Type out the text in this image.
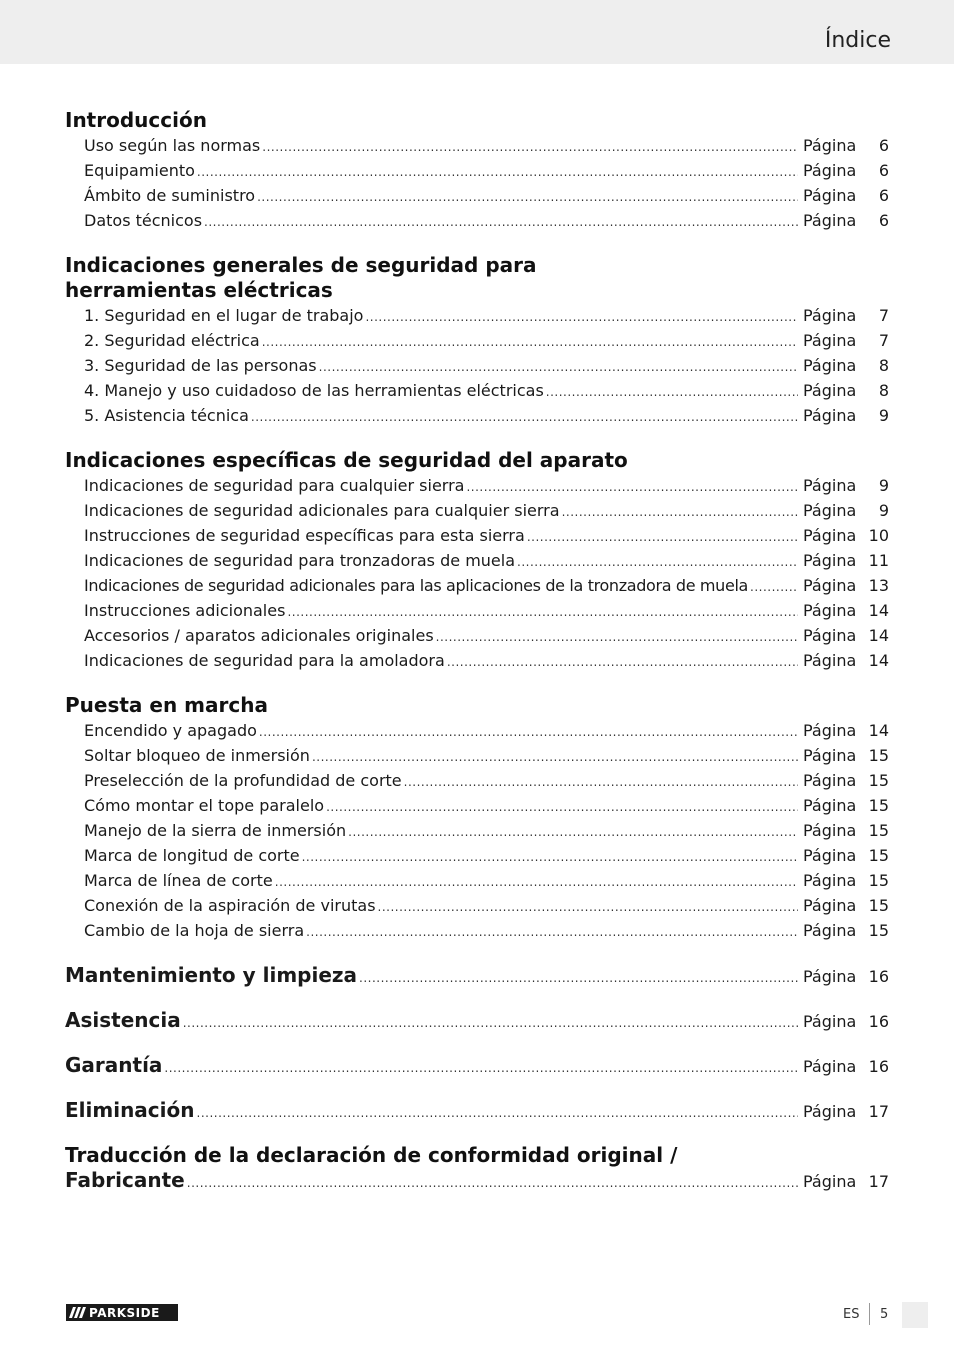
Índice
Introducción
Uso según las normas .....	Página	6
Equipamiento .....	Página	6
Ámbito de suministro .....	Página	6
Datos técnicos .....	Página	6
Indicaciones generales de seguridad para
herramientas eléctricas
1. Seguridad en el lugar de trabajo .....	Página	7
2. Seguridad eléctrica .....	Página	7
3. Seguridad de las personas .....	Página	8
4. Manejo y uso cuidadoso de las herramientas eléctricas .....	Página	8
5. Asistencia técnica .....	Página	9
Indicaciones específicas de seguridad del aparato
Indicaciones de seguridad para cualquier sierra .....	Página	9
Indicaciones de seguridad adicionales para cualquier sierra .....	Página	9
Instrucciones de seguridad específicas para esta sierra .....	Página 10
Indicaciones de seguridad para tronzadoras de muela .....	Página 11
Indicaciones de seguridad adicionales para las aplicaciones de la tronzadora de muela .....	Página 13
Instrucciones adicionales .....	Página 14
Accesorios / aparatos adicionales originales .....	Página 14
Indicaciones de seguridad para la amoladora .....	Página 14
Puesta en marcha
Encendido y apagado .....	Página 14
Soltar bloqueo de inmersión .....	Página 15
Preselección de la profundidad de corte .....	Página 15
Cómo montar el tope paralelo .....	Página 15
Manejo de la sierra de inmersión .....	Página 15
Marca de longitud de corte .....	Página 15
Marca de línea de corte .....	Página 15
Conexión de la aspiración de virutas .....	Página 15
Cambio de la hoja de sierra .....	Página 15
Mantenimiento y limpieza .....	Página 16
Asistencia .....	Página 16
Garantía .....	Página 16
Eliminación .....	Página 17
Traducción de la declaración de conformidad original /
Fabricante .....	Página 17
PARKSIDE	ES 5
